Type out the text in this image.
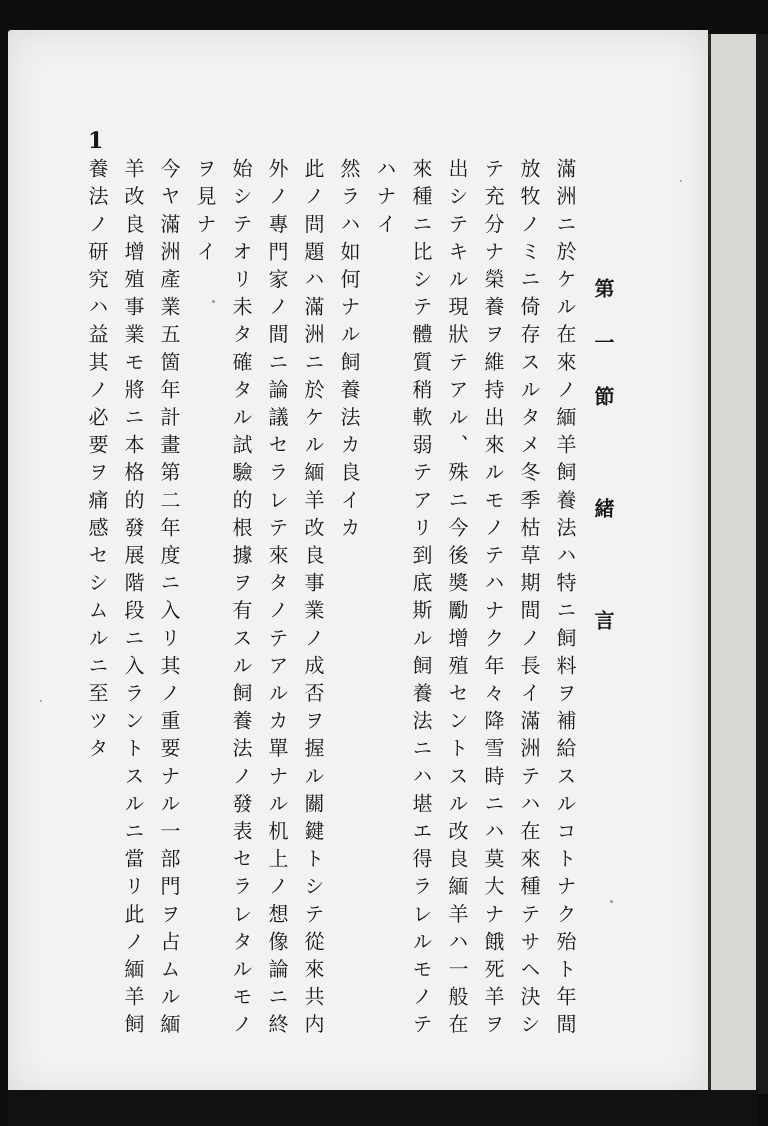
1
第一節 緒 言
滿洲ニ於ケル在來ノ緬羊飼養法ハ特ニ飼料ヲ補給スルコトナク殆ト年間
放牧ノミニ倚存スルタメ冬季枯草期間ノ長イ滿洲テハ在來種テサヘ決シ
テ充分ナ榮養ヲ維持出來ルモノテハナク年々降雪時ニハ莫大ナ餓死羊ヲ
出シテキル現狀テアル、殊ニ今後奬勵增殖セントスル改良緬羊ハ一般在
來種ニ比シテ體質稍軟弱テアリ到底斯ル飼養法ニハ堪エ得ラレルモノテ
ハナイ
然ラハ如何ナル飼養法カ良イカ
此ノ問題ハ滿洲ニ於ケル緬羊改良事業ノ成否ヲ握ル關鍵トシテ從來共内
外ノ專門家ノ間ニ論議セラレテ來タノテアルカ單ナル机上ノ想像論ニ終
始シテオリ未タ確タル試驗的根據ヲ有スル飼養法ノ發表セラレタルモノ
ヲ見ナイ
今ヤ滿洲產業五箇年計畫第二年度ニ入リ其ノ重要ナル一部門ヲ占ムル緬
羊改良增殖事業モ將ニ本格的發展階段ニ入ラントスルニ當リ此ノ緬羊飼
養法ノ研究ハ益其ノ必要ヲ痛感セシムルニ至ツタ
